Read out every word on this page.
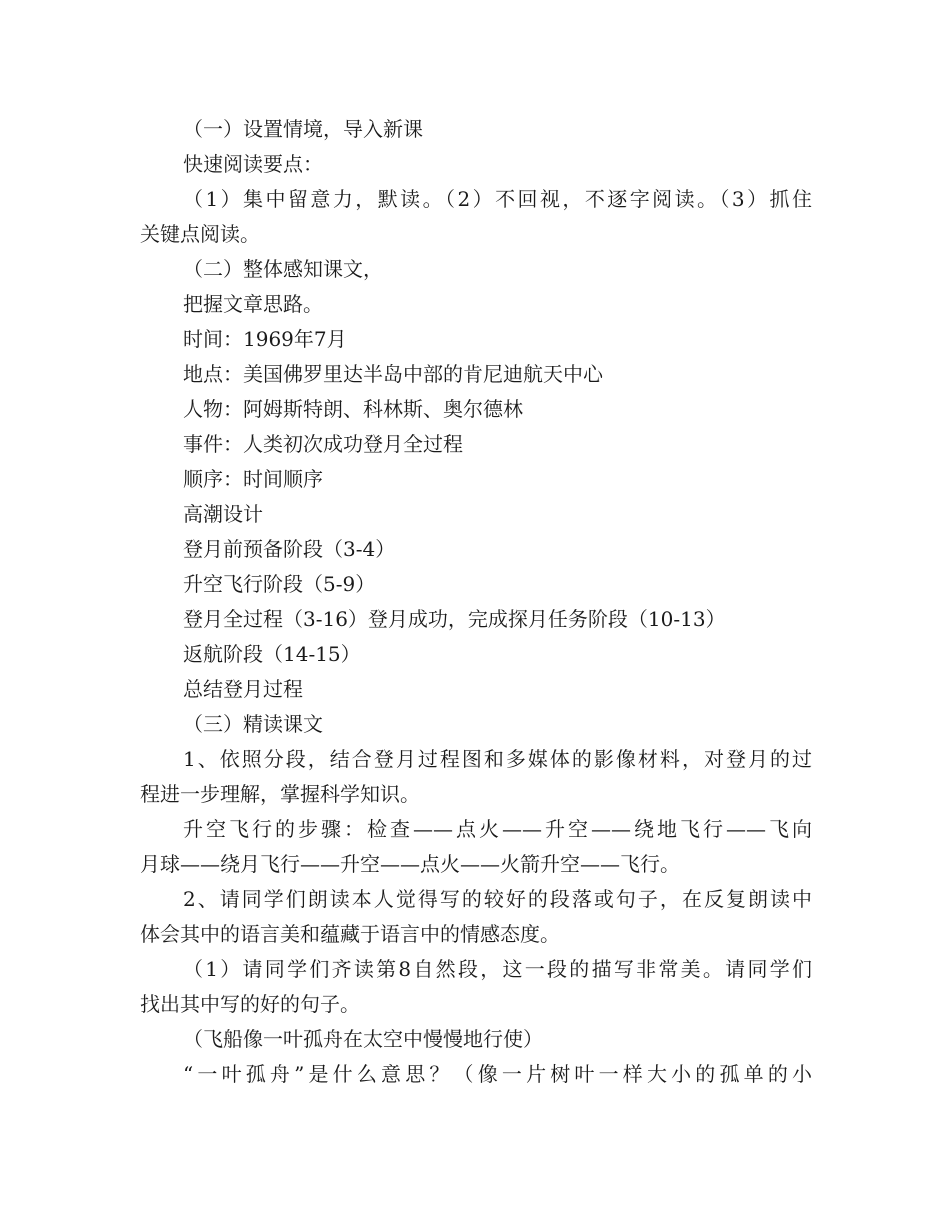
（一）设置情境，导入新课

快速阅读要点：

（1）集中留意力，默读。（2）不回视，不逐字阅读。（3）抓住

关键点阅读。

（二）整体感知课文，

把握文章思路。

时间：1969年7月

地点：美国佛罗里达半岛中部的肯尼迪航天中心

人物：阿姆斯特朗、科林斯、奥尔德林

事件：人类初次成功登月全过程

顺序：时间顺序

高潮设计

登月前预备阶段（3-4）

升空飞行阶段（5-9）

登月全过程（3-16）登月成功，完成探月任务阶段（10-13）

返航阶段（14-15）

总结登月过程

（三）精读课文

1、依照分段，结合登月过程图和多媒体的影像材料，对登月的过

程进一步理解，掌握科学知识。

升空飞行的步骤：检查——点火——升空——绕地飞行——飞向

月球——绕月飞行——升空——点火——火箭升空——飞行。

2、请同学们朗读本人觉得写的较好的段落或句子，在反复朗读中

体会其中的语言美和蕴藏于语言中的情感态度。

（1）请同学们齐读第8自然段，这一段的描写非常美。请同学们

找出其中写的好的句子。

（飞船像一叶孤舟在太空中慢慢地行使）

“一叶孤舟”是什么意思？（像一片树叶一样大小的孤单的小
